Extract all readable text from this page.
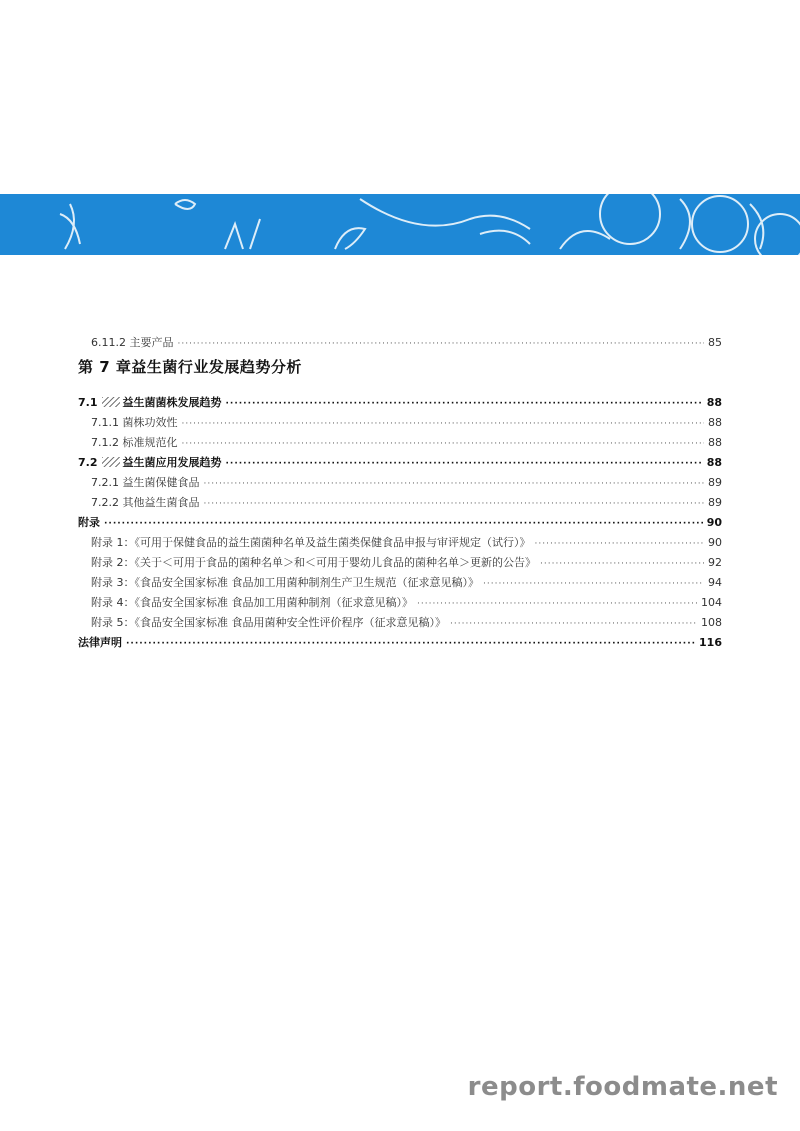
6.11.2 主要产品 ·····	85
第 7 章益生菌行业发展趋势分析
7.1 益生菌菌株发展趋势 ·····	88
7.1.1 菌株功效性 ·····	88
7.1.2 标准规范化 ·····	88
7.2 益生菌应用发展趋势 ·····	88
7.2.1 益生菌保健食品 ·····	89
7.2.2 其他益生菌食品 ·····	89
附录 ·····	90
附录 1：《可用于保健食品的益生菌菌种名单及益生菌类保健食品申报与审评规定（试行）》 ·····	90
附录 2：《关于＜可用于食品的菌种名单＞和＜可用于婴幼儿食品的菌种名单＞更新的公告》 ·····	92
附录 3：《食品安全国家标准 食品加工用菌种制剂生产卫生规范（征求意见稿）》 ·····	94
附录 4：《食品安全国家标准 食品加工用菌种制剂（征求意见稿）》 ·····	104
附录 5：《食品安全国家标准 食品用菌种安全性评价程序（征求意见稿）》 ·····	108
法律声明 ·····	116
report.foodmate.net
